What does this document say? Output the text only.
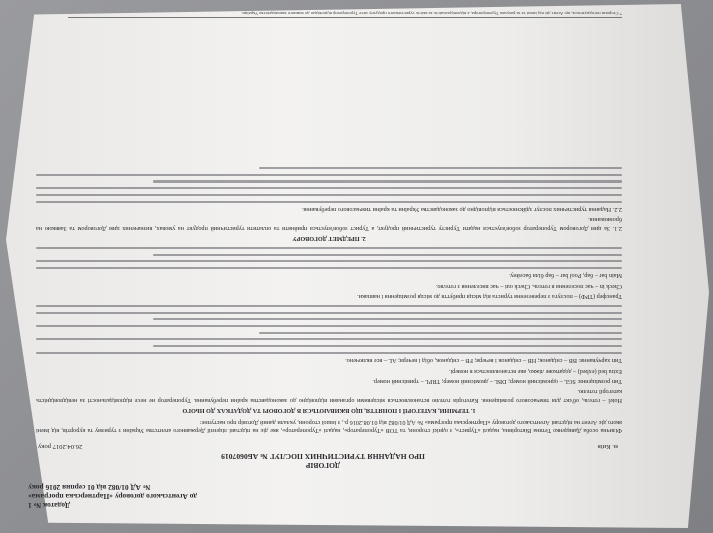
Додаток № 1
до Агентського договору «Партнерська програма»
№ АД 01/082 від 01 серпня 2016 року
ДОГОВІР
ПРО НАДАННЯ ТУРИСТИЧНИХ ПОСЛУГ № АБ0607019
м. Київ
26.04.2017 року

Фізична особа Давиденко Тетяна Вікторівна, надалі «Турист», з однієї сторони, та ТОВ «Туроператор», надалі «Туроператор», яке діє на підставі ліцензії Державного агентства України з туризму та курортів, від імені якого діє Агент на підставі Агентського договору «Партнерська програма» № АД 01/082 від 01.08.2016 р., з іншої сторони, уклали даний Договір про наступне:

1. ТЕРМІНИ, КАТЕГОРІЇ І ПОНЯТТЯ, ЩО ВЖИВАЮТЬСЯ В ДОГОВОРІ ТА ДОДАТКАХ ДО НЬОГО

Hotel – готель, об'єкт для тимчасового розміщення. Категорія готелю встановлюється місцевими органами відповідно до законодавства країни перебування. Туроператор не несе відповідальності за невідповідність категорії готелю.

Тип розміщення: SGL – одномісний номер; DBL – двомісний номер; TRPL – тримісний номер.

Extra bed (exbed) – додаткове ліжко, яке встановлюється в номері.

Тип харчування: BB – сніданок; HB – сніданок і вечеря; FB – сніданок, обід і вечеря; AL – все включено.

Трансфер (ТРФ) – послуга з перевезення туриста від місця прибуття до місця розміщення і навпаки.

Check in – час поселення в готель. Check out – час виселення з готелю.

Main bar – бар, Pool bar – бар біля басейну.

2. ПРЕДМЕТ ДОГОВОРУ

2.1. За цим Договором Туроператор зобов'язується надати Туристу туристичний продукт, а Турист зобов'язується прийняти та оплатити туристичний продукт на умовах, визначених цим Договором та Заявкою на бронювання.

2.2. Надання туристичних послуг здійснюється відповідно до законодавства України та країни тимчасового перебування.

* Сторони погоджуються, що Агент діє від імені та за рахунок Туроператора, а відповідальність за якість туристичного продукту несе Туроператор відповідно до чинного законодавства України.
